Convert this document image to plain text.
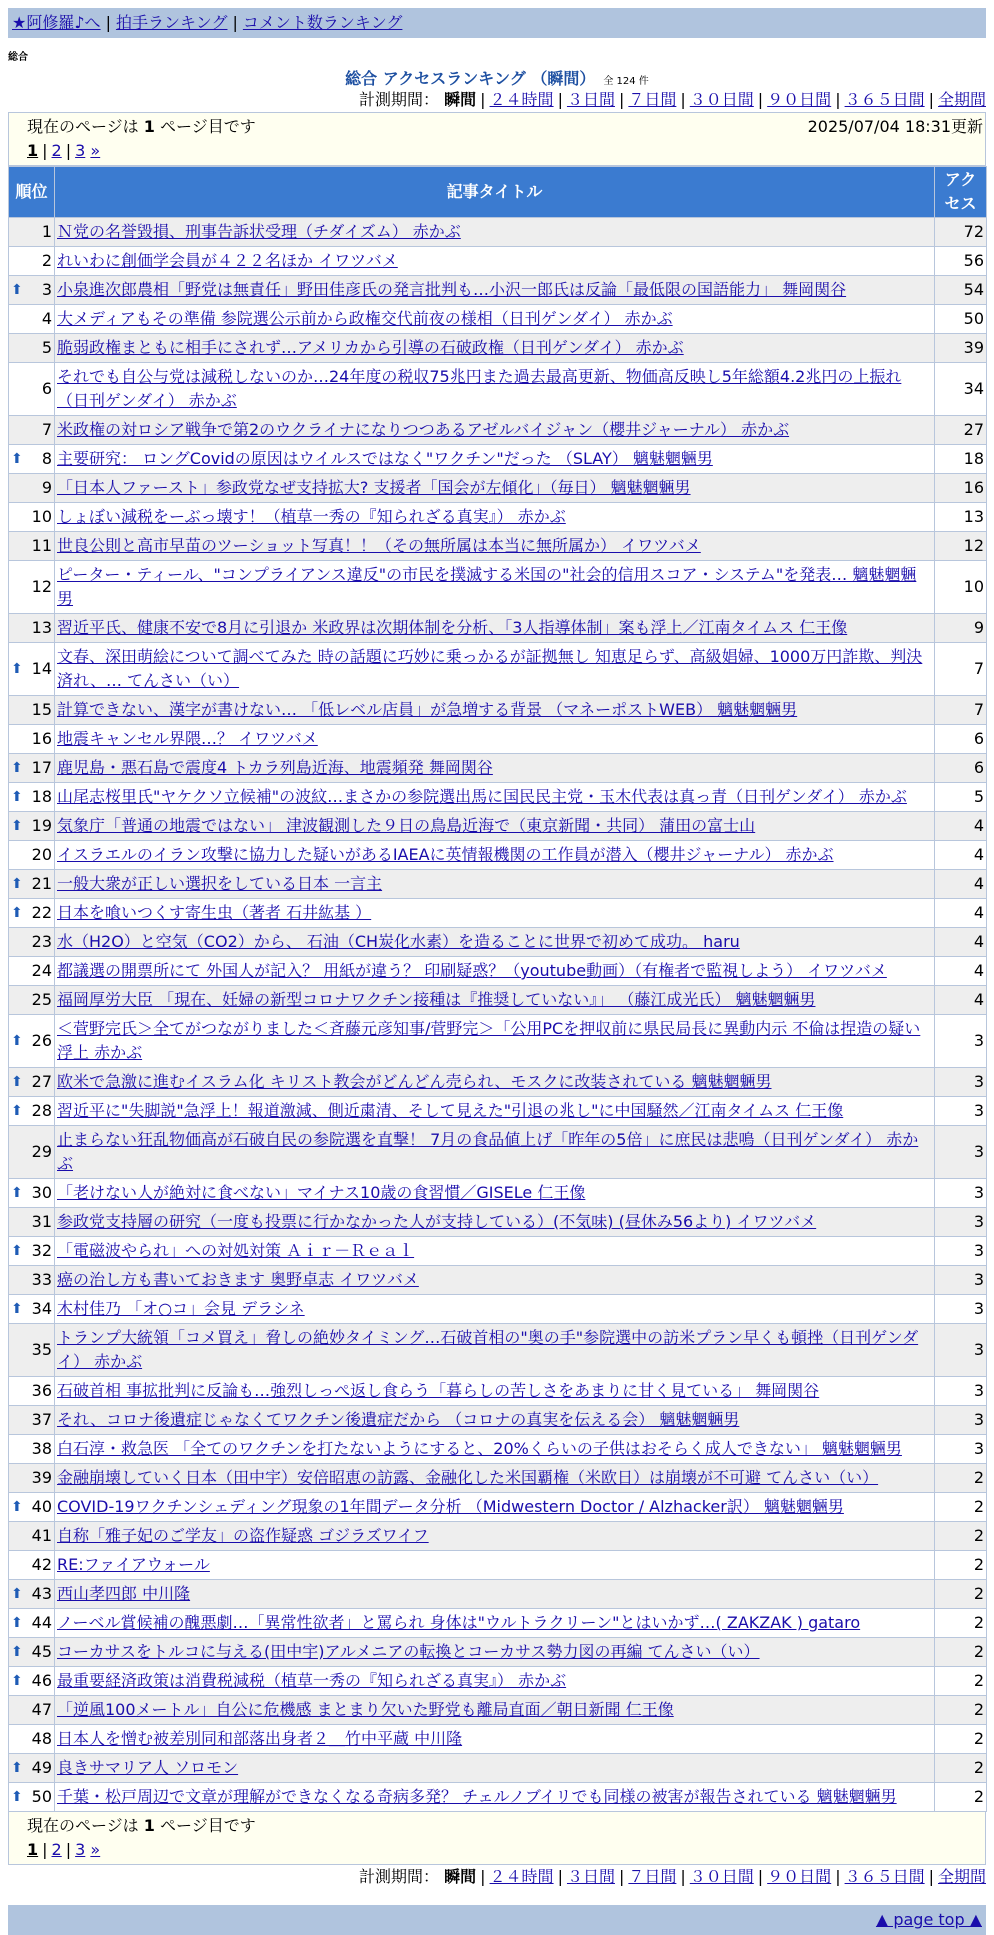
★阿修羅♪へ | 拍手ランキング | コメント数ランキング
総合
総合 アクセスランキング （瞬間） 全 124 件
計測期間： 瞬間 | ２４時間 | ３日間 | ７日間 | ３０日間 | ９０日間 | ３６５日間 | 全期間
現在のページは 1 ページ目です	2025/07/04 18:31更新
1 | 2 | 3 »
順位	記事タイトル	アクセス
1	Ｎ党の名誉毀損、刑事告訴状受理（チダイズム） 赤かぶ	72
2	れいわに創価学会員が４２２名ほか イワツバメ	56

⬆ 3	小泉進次郎農相「野党は無責任」野田佳彦氏の発言批判も…小沢一郎氏は反論「最低限の国語能力」 舞岡関谷	54
4	大メディアもその準備 参院選公示前から政権交代前夜の様相（日刊ゲンダイ） 赤かぶ	50
5	脆弱政権まともに相手にされず…アメリカから引導の石破政権（日刊ゲンダイ） 赤かぶ	39
6	それでも自公与党は減税しないのか…24年度の税収75兆円また過去最高更新、物価高反映し5年総額4.2兆円の上振れ（日刊ゲンダイ） 赤かぶ	34
7	米政権の対ロシア戦争で第2のウクライナになりつつあるアゼルバイジャン（櫻井ジャーナル） 赤かぶ	27

⬆ 8	主要研究： ロングCovidの原因はウイルスではなく"ワクチン"だった （SLAY） 魑魅魍魎男	18
9	「日本人ファースト」参政党なぜ支持拡大? 支援者「国会が左傾化」（毎日） 魑魅魍魎男	16
10	しょぼい減税をーぶっ壊す！（植草一秀の『知られざる真実』） 赤かぶ	13
11	世良公則と高市早苗のツーショット写真！！（その無所属は本当に無所属か） イワツバメ	12
12	ピーター・ティール、"コンプライアンス違反"の市民を撲滅する米国の"社会的信用スコア・システム"を発表… 魑魅魍魎男	10
13	習近平氏、健康不安で8月に引退か 米政界は次期体制を分析、「3人指導体制」案も浮上／江南タイムス 仁王像	9

⬆ 14	文春、深田萌絵について調べてみた 時の話題に巧妙に乗っかるが証拠無し 知恵足らず、高級娼婦、1000万円詐欺、判決済れ、… てんさい（い）	7
15	計算できない、漢字が書けない… 「低レベル店員」が急増する背景 （マネーポストWEB） 魑魅魍魎男	7
16	地震キャンセル界隈…？ イワツバメ	6

⬆ 17	鹿児島・悪石島で震度4 トカラ列島近海、地震頻発 舞岡関谷	6

⬆ 18	山尾志桜里氏"ヤケクソ立候補"の波紋…まさかの参院選出馬に国民民主党・玉木代表は真っ青（日刊ゲンダイ） 赤かぶ	5

⬆ 19	気象庁「普通の地震ではない」 津波観測した９日の鳥島近海で（東京新聞・共同） 蒲田の富士山	4
20	イスラエルのイラン攻撃に協力した疑いがあるIAEAに英情報機関の工作員が潜入（櫻井ジャーナル） 赤かぶ	4

⬆ 21	一般大衆が正しい選択をしている日本 一言主	4

⬆ 22	日本を喰いつくす寄生虫（著者 石井紘基 ）	4
23	水（H2O）と空気（CO2）から、 石油（CH炭化水素）を造ることに世界で初めて成功。 haru	4
24	都議選の開票所にて 外国人が記入？ 用紙が違う？ 印刷疑惑？（youtube動画）（有権者で監視しよう） イワツバメ	4
25	福岡厚労大臣 「現在、妊婦の新型コロナワクチン接種は『推奨していない』」 （藤江成光氏） 魑魅魍魎男	4

⬆ 26	＜菅野完氏＞全てがつながりました＜斉藤元彦知事/菅野完＞「公用PCを押収前に県民局長に異動内示 不倫は捏造の疑い浮上 赤かぶ	3

⬆ 27	欧米で急激に進むイスラム化 キリスト教会がどんどん売られ、モスクに改装されている 魑魅魍魎男	3

⬆ 28	習近平に"失脚説"急浮上！報道激減、側近粛清、そして見えた"引退の兆し"に中国騒然／江南タイムス 仁王像	3
29	止まらない狂乱物価高が石破自民の参院選を直撃！ 7月の食品値上げ「昨年の5倍」に庶民は悲鳴（日刊ゲンダイ） 赤かぶ	3

⬆ 30	「老けない人が絶対に食べない」マイナス10歳の食習慣／GISELe 仁王像	3
31	参政党支持層の研究（一度も投票に行かなかった人が支持している）(不気味) (昼休み56より) イワツバメ	3

⬆ 32	「電磁波やられ」への対処対策 Ａｉｒ－Ｒｅａｌ	3
33	癌の治し方も書いておきます 奥野卓志 イワツバメ	3

⬆ 34	木村佳乃 「オ○コ」会見 デラシネ	3
35	トランプ大統領「コメ買え」脅しの絶妙タイミング…石破首相の"奥の手"参院選中の訪米プラン早くも頓挫（日刊ゲンダイ） 赤かぶ	3
36	石破首相 事拡批判に反論も…強烈しっぺ返し食らう「暮らしの苦しさをあまりに甘く見ている」 舞岡関谷	3
37	それ、コロナ後遺症じゃなくてワクチン後遺症だから （コロナの真実を伝える会） 魑魅魍魎男	3
38	白石淳・救急医 「全てのワクチンを打たないようにすると、20%くらいの子供はおそらく成人できない」 魑魅魍魎男	3
39	金融崩壊していく日本（田中宇）安倍昭恵の訪露、金融化した米国覇権（米欧日）は崩壊が不可避 てんさい（い）	2

⬆ 40	COVID-19ワクチンシェディング現象の1年間データ分析 （Midwestern Doctor / Alzhacker訳） 魑魅魍魎男	2
41	自称「雅子妃のご学友」の盗作疑惑 ゴジラズワイフ	2
42	RE:ファイアウォール	2

⬆ 43	西山孝四郎 中川隆	2

⬆ 44	ノーベル賞候補の醜悪劇…「異常性欲者」と罵られ 身体は"ウルトラクリーン"とはいかず…( ZAKZAK ) gataro	2

⬆ 45	コーカサスをトルコに与える(田中宇)アルメニアの転換とコーカサス勢力図の再編 てんさい（い）	2

⬆ 46	最重要経済政策は消費税減税（植草一秀の『知られざる真実』） 赤かぶ	2
47	「逆風100メートル」自公に危機感 まとまり欠いた野党も離局直面／朝日新聞 仁王像	2
48	日本人を憎む被差別同和部落出身者２＿竹中平蔵 中川隆	2

⬆ 49	良きサマリア人 ソロモン	2

⬆ 50	千葉・松戸周辺で文章が理解ができなくなる奇病多発？ チェルノブイリでも同様の被害が報告されている 魑魅魍魎男	2
現在のページは 1 ページ目です
1 | 2 | 3 »
計測期間： 瞬間 | ２４時間 | ３日間 | ７日間 | ３０日間 | ９０日間 | ３６５日間 | 全期間
▲ page top ▲
